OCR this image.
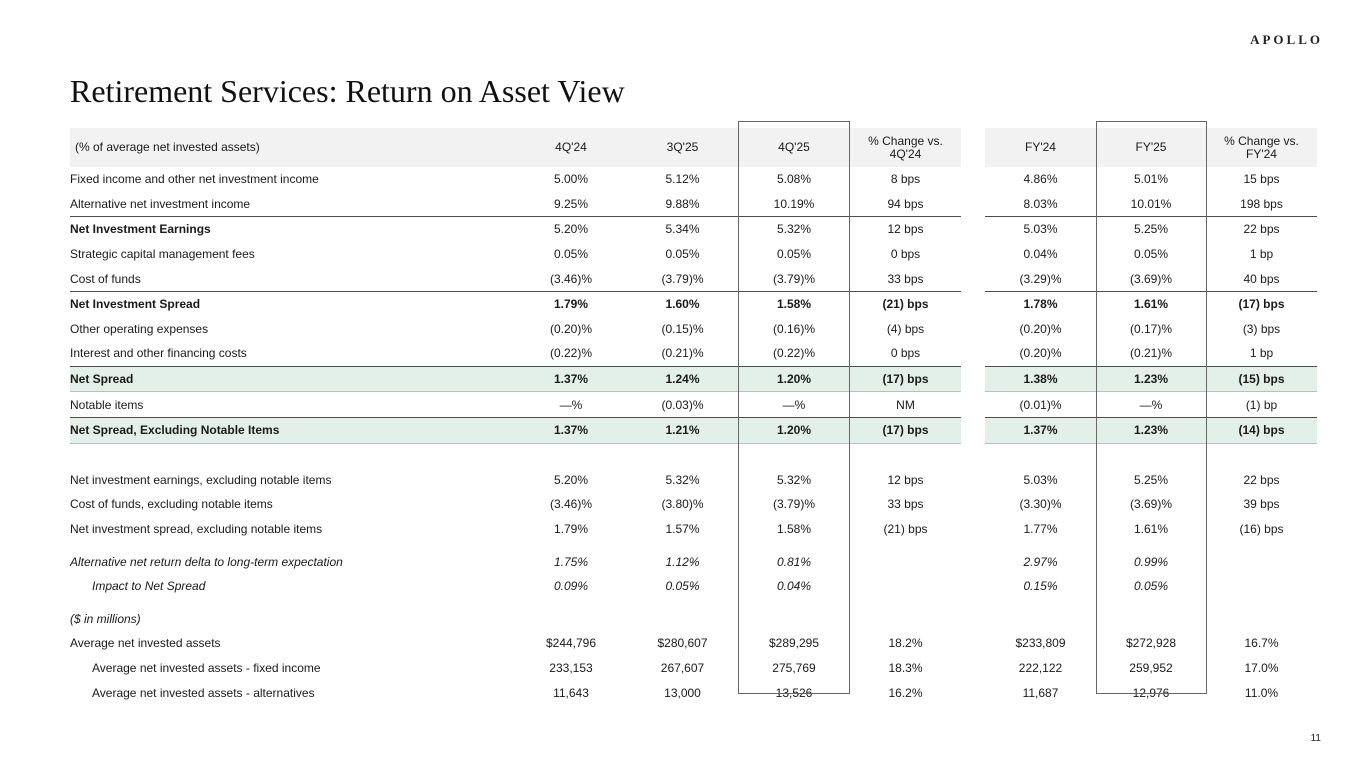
APOLLO
Retirement Services: Return on Asset View
(% of average net invested assets)	4Q'24	3Q'25	4Q'25	% Change vs. 4Q'24		FY'24	FY'25	% Change vs. FY'24
Fixed income and other net investment income	5.00%	5.12%	5.08%	8 bps		4.86%	5.01%	15 bps
Alternative net investment income	9.25%	9.88%	10.19%	94 bps		8.03%	10.01%	198 bps
Net Investment Earnings	5.20%	5.34%	5.32%	12 bps		5.03%	5.25%	22 bps
Strategic capital management fees	0.05%	0.05%	0.05%	0 bps		0.04%	0.05%	1 bp
Cost of funds	(3.46)%	(3.79)%	(3.79)%	33 bps		(3.29)%	(3.69)%	40 bps
Net Investment Spread	1.79%	1.60%	1.58%	(21) bps		1.78%	1.61%	(17) bps
Other operating expenses	(0.20)%	(0.15)%	(0.16)%	(4) bps		(0.20)%	(0.17)%	(3) bps
Interest and other financing costs	(0.22)%	(0.21)%	(0.22)%	0 bps		(0.20)%	(0.21)%	1 bp
Net Spread	1.37%	1.24%	1.20%	(17) bps		1.38%	1.23%	(15) bps
Notable items	—%	(0.03)%	—%	NM		(0.01)%	—%	(1) bp
Net Spread, Excluding Notable Items	1.37%	1.21%	1.20%	(17) bps		1.37%	1.23%	(14) bps

Net investment earnings, excluding notable items	5.20%	5.32%	5.32%	12 bps		5.03%	5.25%	22 bps
Cost of funds, excluding notable items	(3.46)%	(3.80)%	(3.79)%	33 bps		(3.30)%	(3.69)%	39 bps
Net investment spread, excluding notable items	1.79%	1.57%	1.58%	(21) bps		1.77%	1.61%	(16) bps

Alternative net return delta to long-term expectation	1.75%	1.12%	0.81%			2.97%	0.99%	
Impact to Net Spread	0.09%	0.05%	0.04%			0.15%	0.05%	

($ in millions)								
Average net invested assets	$244,796	$280,607	$289,295	18.2%		$233,809	$272,928	16.7%
Average net invested assets - fixed income	233,153	267,607	275,769	18.3%		222,122	259,952	17.0%
Average net invested assets - alternatives	11,643	13,000	13,526	16.2%		11,687	12,976	11.0%
11
